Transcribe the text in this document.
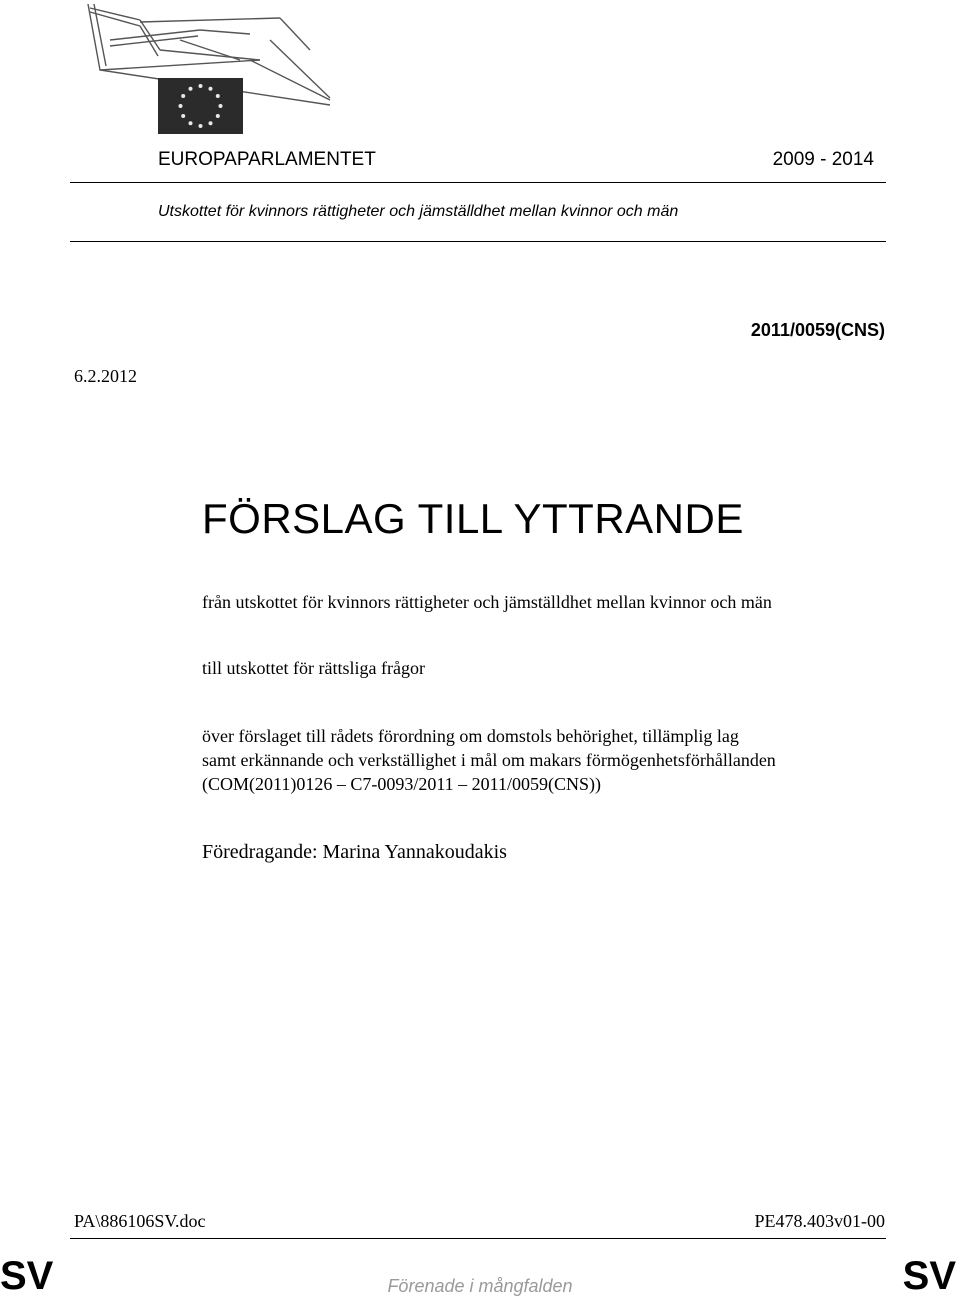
EUROPAPARLAMENTET	2009 - 2014
Utskottet för kvinnors rättigheter och jämställdhet mellan kvinnor och män
2011/0059(CNS)
6.2.2012
FÖRSLAG TILL YTTRANDE
från utskottet för kvinnors rättigheter och jämställdhet mellan kvinnor och män
till utskottet för rättsliga frågor
över förslaget till rådets förordning om domstols behörighet, tillämplig lag
samt erkännande och verkställighet i mål om makars förmögenhetsförhållanden
(COM(2011)0126 – C7-0093/2011 – 2011/0059(CNS))
Föredragande: Marina Yannakoudakis
PA\886106SV.doc	PE478.403v01-00
SV	Förenade i mångfalden	SV
